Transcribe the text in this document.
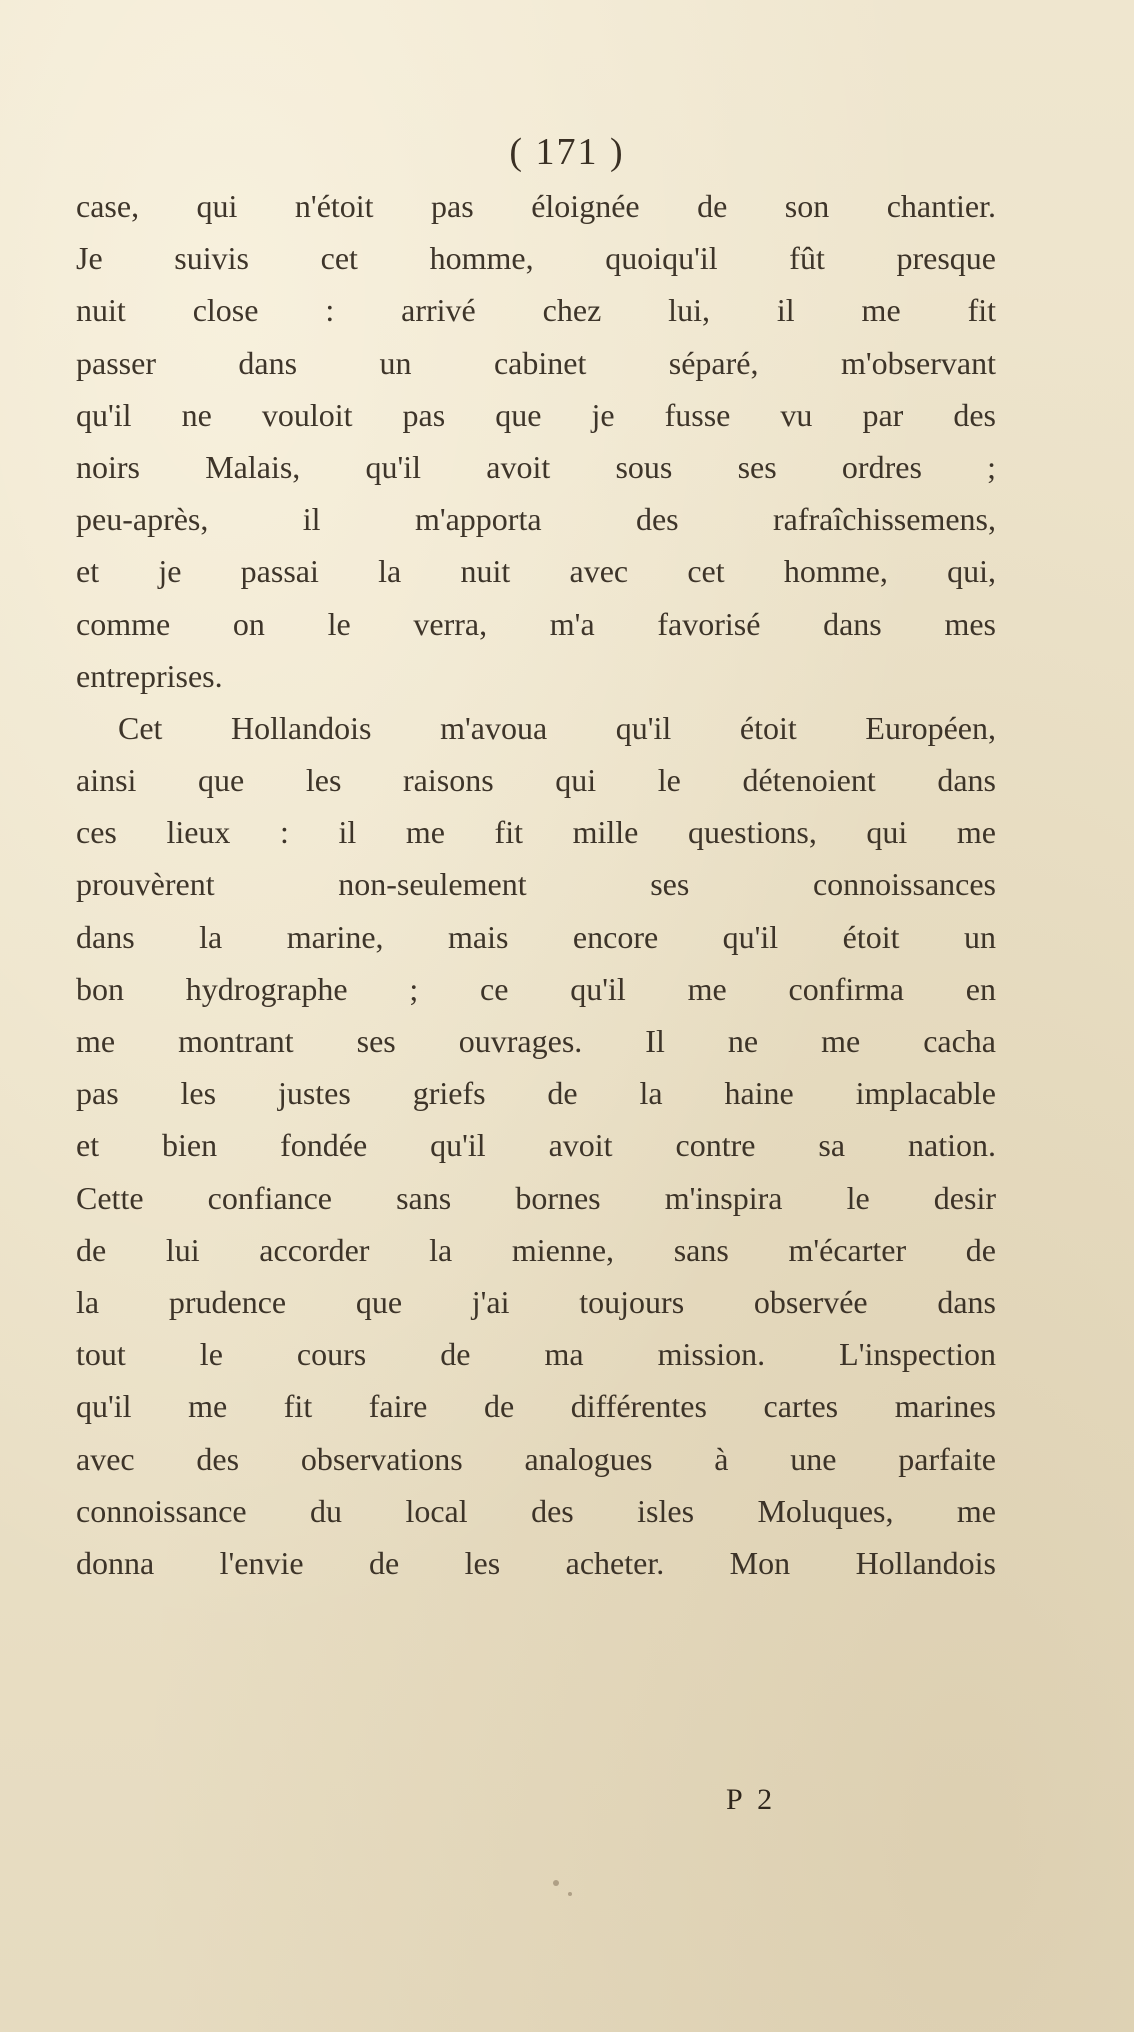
( 171 )
case, qui n'étoit pas éloignée de son chantier.
Je suivis cet homme, quoiqu'il fût presque
nuit close : arrivé chez lui, il me fit
passer dans un cabinet séparé, m'observant
qu'il ne vouloit pas que je fusse vu par des
noirs Malais, qu'il avoit sous ses ordres ;
peu-après, il m'apporta des rafraîchissemens,
et je passai la nuit avec cet homme, qui,
comme on le verra, m'a favorisé dans mes
entreprises.
Cet Hollandois m'avoua qu'il étoit Européen,
ainsi que les raisons qui le détenoient dans
ces lieux : il me fit mille questions, qui me
prouvèrent non-seulement ses connoissances
dans la marine, mais encore qu'il étoit un
bon hydrographe ; ce qu'il me confirma en
me montrant ses ouvrages. Il ne me cacha
pas les justes griefs de la haine implacable
et bien fondée qu'il avoit contre sa nation.
Cette confiance sans bornes m'inspira le desir
de lui accorder la mienne, sans m'écarter de
la prudence que j'ai toujours observée dans
tout le cours de ma mission. L'inspection
qu'il me fit faire de différentes cartes marines
avec des observations analogues à une parfaite
connoissance du local des isles Moluques, me
donna l'envie de les acheter. Mon Hollandois
P 2
